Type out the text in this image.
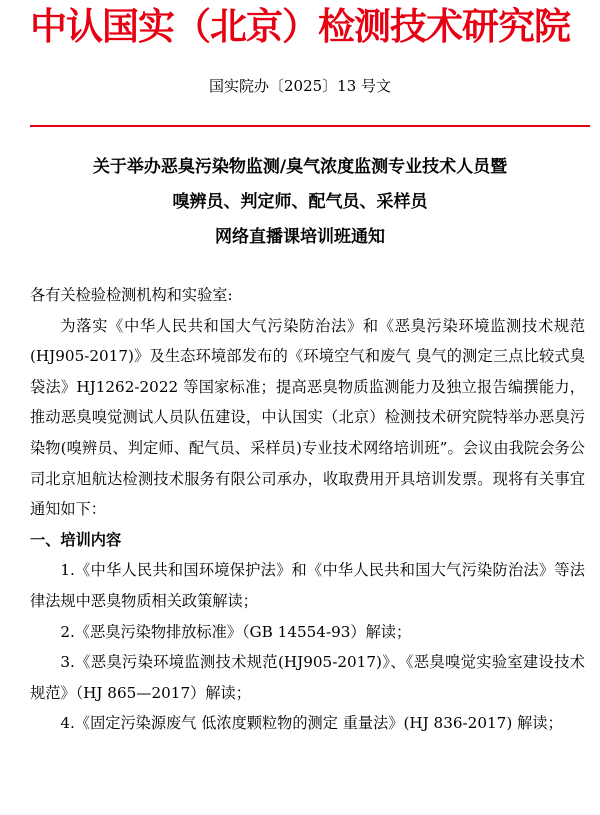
中认国实（北京）检测技术研究院
国实院办〔2025〕13 号文
关于举办恶臭污染物监测/臭气浓度监测专业技术人员暨
嗅辨员、判定师、配气员、采样员
网络直播课培训班通知

各有关检验检测机构和实验室:

为落实《中华人民共和国大气污染防治法》和《恶臭污染环境监测技术规范(HJ905-2017)》及生态环境部发布的《环境空气和废气 臭气的测定三点比较式臭袋法》HJ1262-2022 等国家标准；提高恶臭物质监测能力及独立报告编撰能力，推动恶臭嗅觉测试人员队伍建设，中认国实（北京）检测技术研究院特举办恶臭污染物(嗅辨员、判定师、配气员、采样员)专业技术网络培训班”。会议由我院会务公司北京旭航达检测技术服务有限公司承办，收取费用开具培训发票。现将有关事宜通知如下：

一、培训内容

1.《中华人民共和国环境保护法》和《中华人民共和国大气污染防治法》等法律法规中恶臭物质相关政策解读；

2.《恶臭污染物排放标准》（GB 14554-93）解读；

3.《恶臭污染环境监测技术规范(HJ905-2017)》、《恶臭嗅觉实验室建设技术规范》（HJ 865—2017）解读；

4.《固定污染源废气 低浓度颗粒物的测定 重量法》(HJ 836-2017) 解读；
